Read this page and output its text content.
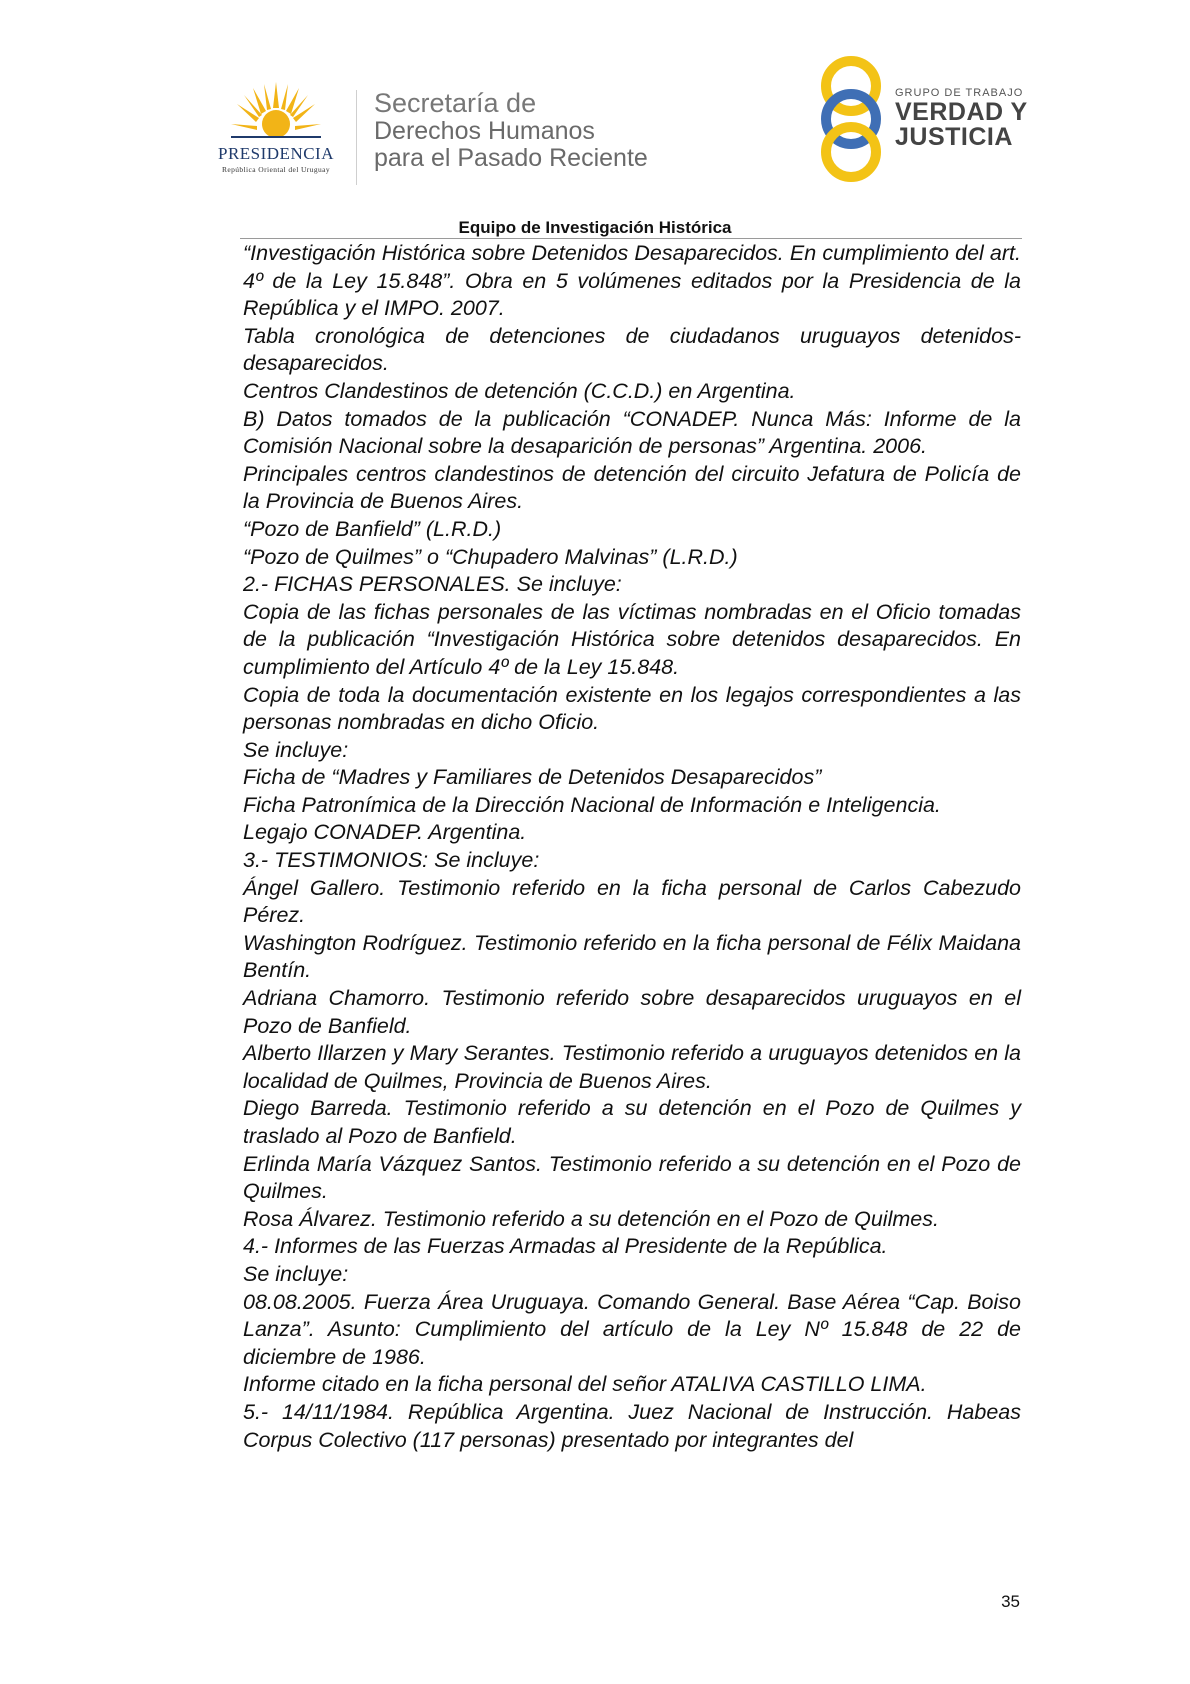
PRESIDENCIA
República Oriental del Uruguay
Secretaría de
Derechos Humanos
para el Pasado Reciente
GRUPO DE TRABAJO
VERDAD Y
JUSTICIA
Equipo de Investigación Histórica

“Investigación Histórica sobre Detenidos Desaparecidos. En cumplimiento del art. 4º de la Ley 15.848”. Obra en 5 volúmenes editados por la Presidencia de la República y el IMPO. 2007.

Tabla cronológica de detenciones de ciudadanos uruguayos detenidos-desaparecidos.

Centros Clandestinos de detención (C.C.D.) en Argentina.

B) Datos tomados de la publicación “CONADEP. Nunca Más: Informe de la Comisión Nacional sobre la desaparición de personas” Argentina. 2006.

Principales centros clandestinos de detención del circuito Jefatura de Policía de la Provincia de Buenos Aires.

“Pozo de Banfield” (L.R.D.)

“Pozo de Quilmes” o “Chupadero Malvinas” (L.R.D.)

2.- FICHAS PERSONALES. Se incluye:

Copia de las fichas personales de las víctimas nombradas en el Oficio tomadas de la publicación “Investigación Histórica sobre detenidos desaparecidos. En cumplimiento del Artículo 4º de la Ley 15.848.

Copia de toda la documentación existente en los legajos correspondientes a las personas nombradas en dicho Oficio.

Se incluye:

Ficha de “Madres y Familiares de Detenidos Desaparecidos”

Ficha Patronímica de la Dirección Nacional de Información e Inteligencia.

Legajo CONADEP. Argentina.

3.- TESTIMONIOS: Se incluye:

Ángel Gallero. Testimonio referido en la ficha personal de Carlos Cabezudo Pérez.

Washington Rodríguez. Testimonio referido en la ficha personal de Félix Maidana Bentín.

Adriana Chamorro. Testimonio referido sobre desaparecidos uruguayos en el Pozo de Banfield.

Alberto Illarzen y Mary Serantes. Testimonio referido a uruguayos detenidos en la localidad de Quilmes, Provincia de Buenos Aires.

Diego Barreda. Testimonio referido a su detención en el Pozo de Quilmes y traslado al Pozo de Banfield.

Erlinda María Vázquez Santos. Testimonio referido a su detención en el Pozo de Quilmes.

Rosa Álvarez. Testimonio referido a su detención en el Pozo de Quilmes.

4.- Informes de las Fuerzas Armadas al Presidente de la República.

Se incluye:

08.08.2005. Fuerza Área Uruguaya. Comando General. Base Aérea “Cap. Boiso Lanza”. Asunto: Cumplimiento del artículo de la Ley Nº 15.848 de 22 de diciembre de 1986.

Informe citado en la ficha personal del señor ATALIVA CASTILLO LIMA.

5.- 14/11/1984. República Argentina. Juez Nacional de Instrucción. Habeas Corpus Colectivo (117 personas) presentado por integrantes del

35
